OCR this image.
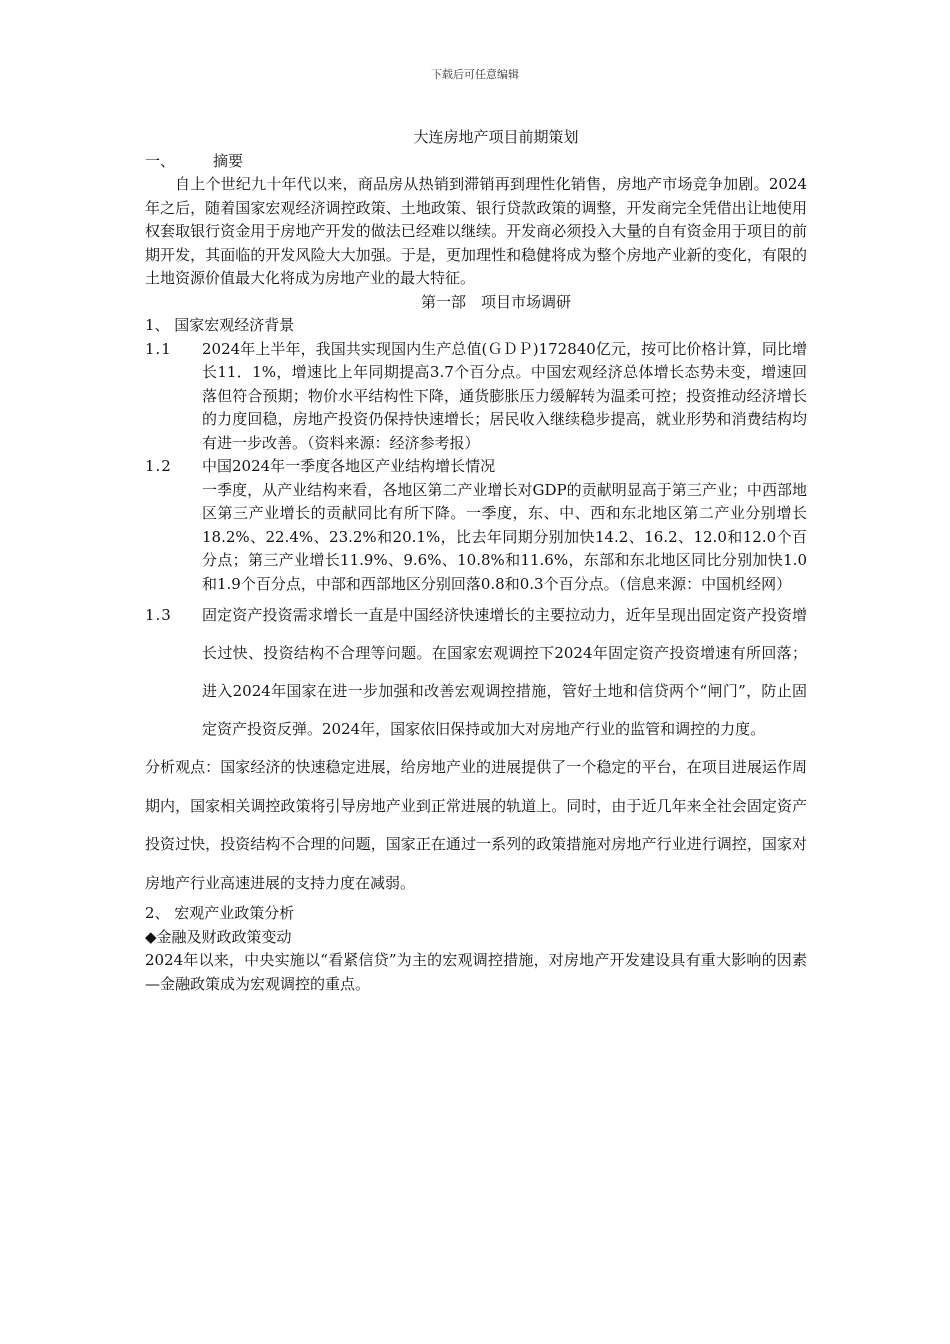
下载后可任意编辑

大连房地产项目前期策划

一、	摘要

自上个世纪九十年代以来，商品房从热销到滞销再到理性化销售，房地产市场竞争加剧。2024年之后，随着国家宏观经济调控政策、土地政策、银行贷款政策的调整，开发商完全凭借出让地使用权套取银行资金用于房地产开发的做法已经难以继续。开发商必须投入大量的自有资金用于项目的前期开发，其面临的开发风险大大加强。于是，更加理性和稳健将成为整个房地产业新的变化，有限的土地资源价值最大化将成为房地产业的最大特征。

第一部　项目市场调研

1、 国家宏观经济背景

1.1	2024年上半年，我国共实现国内生产总值(ＧＤＰ)172840亿元，按可比价格计算，同比增长11．1%，增速比上年同期提高3.7个百分点。中国宏观经济总体增长态势未变，增速回落但符合预期；物价水平结构性下降，通货膨胀压力缓解转为温柔可控；投资推动经济增长的力度回稳，房地产投资仍保持快速增长；居民收入继续稳步提高，就业形势和消费结构均有进一步改善。（资料来源：经济参考报）

1.2	中国2024年一季度各地区产业结构增长情况

一季度，从产业结构来看，各地区第二产业增长对GDP的贡献明显高于第三产业；中西部地区第三产业增长的贡献同比有所下降。一季度，东、中、西和东北地区第二产业分别增长18.2%、22.4%、23.2%和20.1%，比去年同期分别加快14.2、16.2、12.0和12.0个百分点；第三产业增长11.9%、9.6%、10.8%和11.6%，东部和东北地区同比分别加快1.0和1.9个百分点，中部和西部地区分别回落0.8和0.3个百分点。（信息来源：中国机经网）

1.3	固定资产投资需求增长一直是中国经济快速增长的主要拉动力，近年呈现出固定资产投资增长过快、投资结构不合理等问题。在国家宏观调控下2024年固定资产投资增速有所回落；进入2024年国家在进一步加强和改善宏观调控措施，管好土地和信贷两个“闸门”，防止固定资产投资反弹。2024年，国家依旧保持或加大对房地产行业的监管和调控的力度。

分析观点：国家经济的快速稳定进展，给房地产业的进展提供了一个稳定的平台，在项目进展运作周期内，国家相关调控政策将引导房地产业到正常进展的轨道上。同时，由于近几年来全社会固定资产投资过快，投资结构不合理的问题，国家正在通过一系列的政策措施对房地产行业进行调控，国家对房地产行业高速进展的支持力度在减弱。

2、 宏观产业政策分析

◆金融及财政政策变动

2024年以来，中央实施以“看紧信贷”为主的宏观调控措施，对房地产开发建设具有重大影响的因素—金融政策成为宏观调控的重点。
